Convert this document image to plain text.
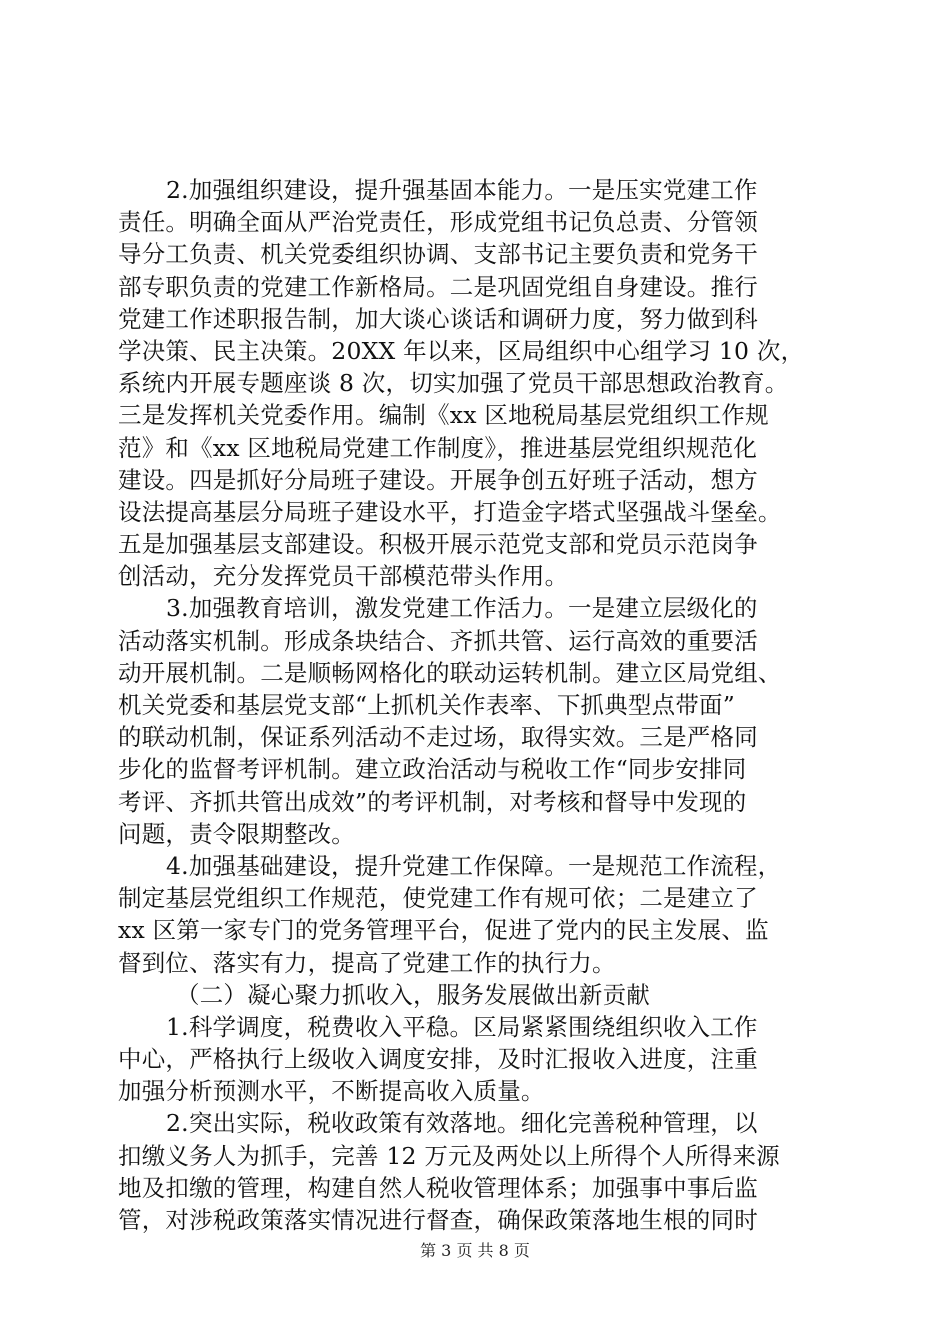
2.加强组织建设，提升强基固本能力。一是压实党建工作
责任。明确全面从严治党责任，形成党组书记负总责、分管领
导分工负责、机关党委组织协调、支部书记主要负责和党务干
部专职负责的党建工作新格局。二是巩固党组自身建设。推行
党建工作述职报告制，加大谈心谈话和调研力度，努力做到科
学决策、民主决策。20XX 年以来，区局组织中心组学习 10 次，
系统内开展专题座谈 8 次，切实加强了党员干部思想政治教育。
三是发挥机关党委作用。编制《xx 区地税局基层党组织工作规
范》和《xx 区地税局党建工作制度》，推进基层党组织规范化
建设。四是抓好分局班子建设。开展争创五好班子活动，想方
设法提高基层分局班子建设水平，打造金字塔式坚强战斗堡垒。
五是加强基层支部建设。积极开展示范党支部和党员示范岗争
创活动，充分发挥党员干部模范带头作用。
3.加强教育培训，激发党建工作活力。一是建立层级化的
活动落实机制。形成条块结合、齐抓共管、运行高效的重要活
动开展机制。二是顺畅网格化的联动运转机制。建立区局党组、
机关党委和基层党支部“上抓机关作表率、下抓典型点带面”
的联动机制，保证系列活动不走过场，取得实效。三是严格同
步化的监督考评机制。建立政治活动与税收工作“同步安排同
考评、齐抓共管出成效”的考评机制，对考核和督导中发现的
问题，责令限期整改。
4.加强基础建设，提升党建工作保障。一是规范工作流程，
制定基层党组织工作规范，使党建工作有规可依；二是建立了
xx 区第一家专门的党务管理平台，促进了党内的民主发展、监
督到位、落实有力，提高了党建工作的执行力。
（二）凝心聚力抓收入，服务发展做出新贡献
1.科学调度，税费收入平稳。区局紧紧围绕组织收入工作
中心，严格执行上级收入调度安排，及时汇报收入进度，注重
加强分析预测水平，不断提高收入质量。
2.突出实际，税收政策有效落地。细化完善税种管理，以
扣缴义务人为抓手，完善 12 万元及两处以上所得个人所得来源
地及扣缴的管理，构建自然人税收管理体系；加强事中事后监
管，对涉税政策落实情况进行督查，确保政策落地生根的同时
第 3 页 共 8 页
